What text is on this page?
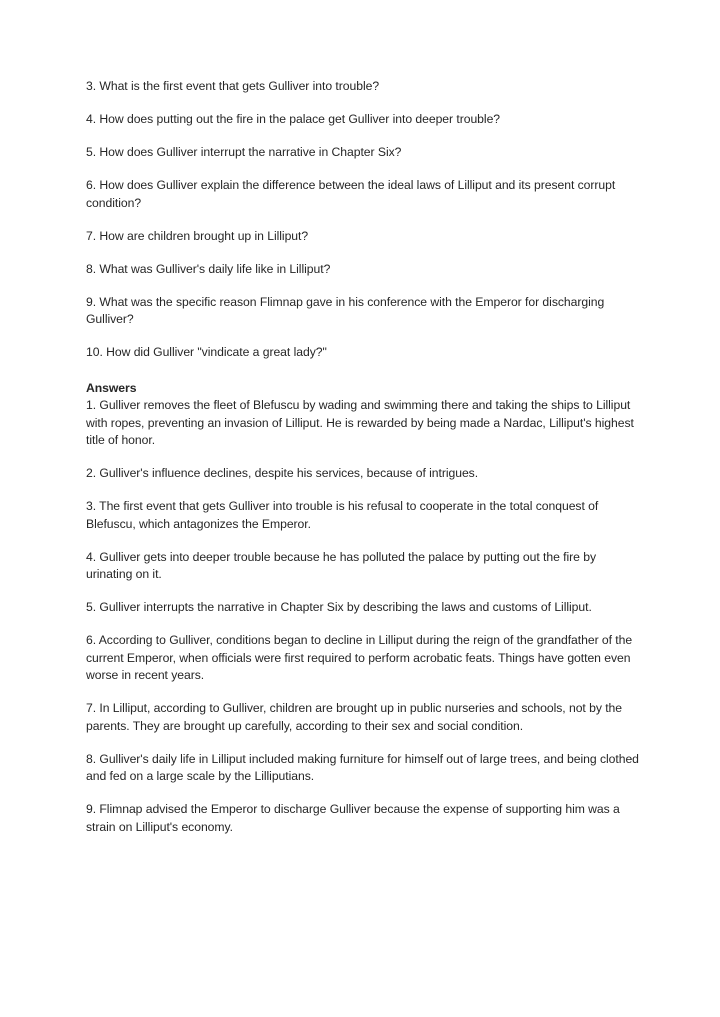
3. What is the first event that gets Gulliver into trouble?

4. How does putting out the fire in the palace get Gulliver into deeper trouble?

5. How does Gulliver interrupt the narrative in Chapter Six?

6. How does Gulliver explain the difference between the ideal laws of Lilliput and its present corrupt condition?

7. How are children brought up in Lilliput?

8. What was Gulliver's daily life like in Lilliput?

9. What was the specific reason Flimnap gave in his conference with the Emperor for discharging Gulliver?

10. How did Gulliver "vindicate a great lady?"

Answers

1. Gulliver removes the fleet of Blefuscu by wading and swimming there and taking the ships to Lilliput with ropes, preventing an invasion of Lilliput. He is rewarded by being made a Nardac, Lilliput's highest title of honor.

2. Gulliver's influence declines, despite his services, because of intrigues.

3. The first event that gets Gulliver into trouble is his refusal to cooperate in the total conquest of Blefuscu, which antagonizes the Emperor.

4. Gulliver gets into deeper trouble because he has polluted the palace by putting out the fire by urinating on it.

5. Gulliver interrupts the narrative in Chapter Six by describing the laws and customs of Lilliput.

6. According to Gulliver, conditions began to decline in Lilliput during the reign of the grandfather of the current Emperor, when officials were first required to perform acrobatic feats. Things have gotten even worse in recent years.

7. In Lilliput, according to Gulliver, children are brought up in public nurseries and schools, not by the parents. They are brought up carefully, according to their sex and social condition.

8. Gulliver's daily life in Lilliput included making furniture for himself out of large trees, and being clothed and fed on a large scale by the Lilliputians.

9. Flimnap advised the Emperor to discharge Gulliver because the expense of supporting him was a strain on Lilliput's economy.
